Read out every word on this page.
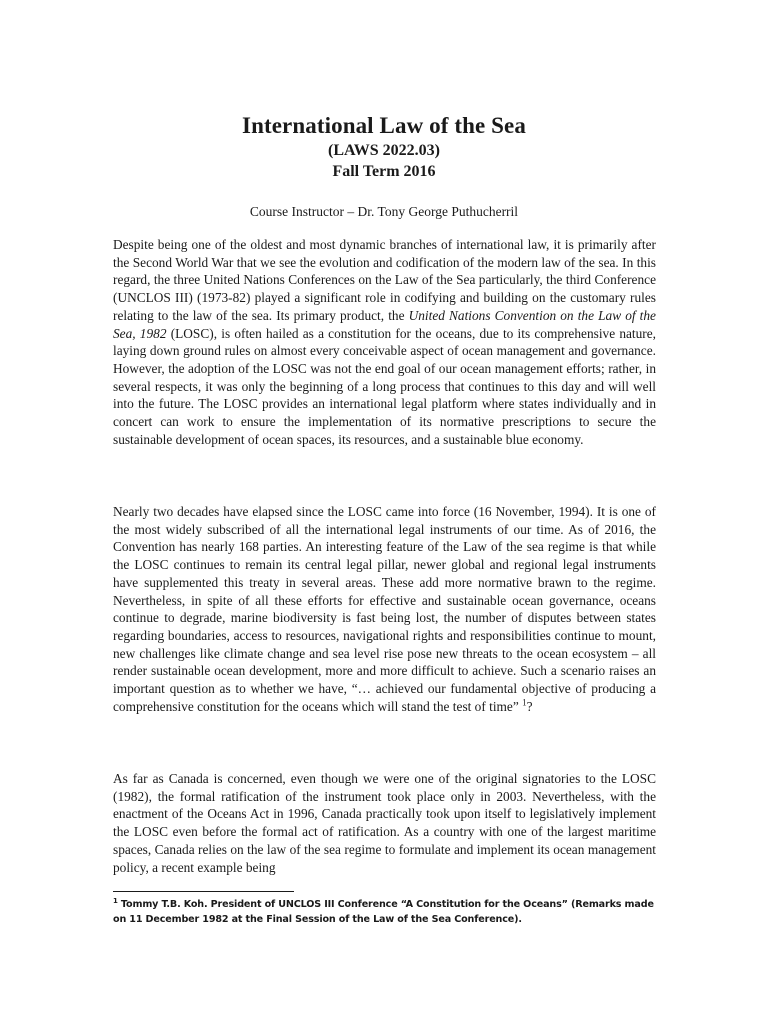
International Law of the Sea
(LAWS 2022.03)
Fall Term 2016
Course Instructor – Dr. Tony George Puthucherril

Despite being one of the oldest and most dynamic branches of international law, it is primarily after the Second World War that we see the evolution and codification of the modern law of the sea. In this regard, the three United Nations Conferences on the Law of the Sea particularly, the third Conference (UNCLOS III) (1973-82) played a significant role in codifying and building on the customary rules relating to the law of the sea. Its primary product, the United Nations Convention on the Law of the Sea, 1982 (LOSC), is often hailed as a constitution for the oceans, due to its comprehensive nature, laying down ground rules on almost every conceivable aspect of ocean management and governance. However, the adoption of the LOSC was not the end goal of our ocean management efforts; rather, in several respects, it was only the beginning of a long process that continues to this day and will well into the future. The LOSC provides an international legal platform where states individually and in concert can work to ensure the implementation of its normative prescriptions to secure the sustainable development of ocean spaces, its resources, and a sustainable blue economy.

Nearly two decades have elapsed since the LOSC came into force (16 November, 1994). It is one of the most widely subscribed of all the international legal instruments of our time. As of 2016, the Convention has nearly 168 parties. An interesting feature of the Law of the sea regime is that while the LOSC continues to remain its central legal pillar, newer global and regional legal instruments have supplemented this treaty in several areas. These add more normative brawn to the regime. Nevertheless, in spite of all these efforts for effective and sustainable ocean governance, oceans continue to degrade, marine biodiversity is fast being lost, the number of disputes between states regarding boundaries, access to resources, navigational rights and responsibilities continue to mount, new challenges like climate change and sea level rise pose new threats to the ocean ecosystem – all render sustainable ocean development, more and more difficult to achieve. Such a scenario raises an important question as to whether we have, “… achieved our fundamental objective of producing a comprehensive constitution for the oceans which will stand the test of time” $^1$?

As far as Canada is concerned, even though we were one of the original signatories to the LOSC (1982), the formal ratification of the instrument took place only in 2003. Nevertheless, with the enactment of the Oceans Act in 1996, Canada practically took upon itself to legislatively implement the LOSC even before the formal act of ratification. As a country with one of the largest maritime spaces, Canada relies on the law of the sea regime to formulate and implement its ocean management policy, a recent example being

$^1$ Tommy T.B. Koh. President of UNCLOS III Conference “A Constitution for the Oceans” (Remarks made on 11 December 1982 at the Final Session of the Law of the Sea Conference).
